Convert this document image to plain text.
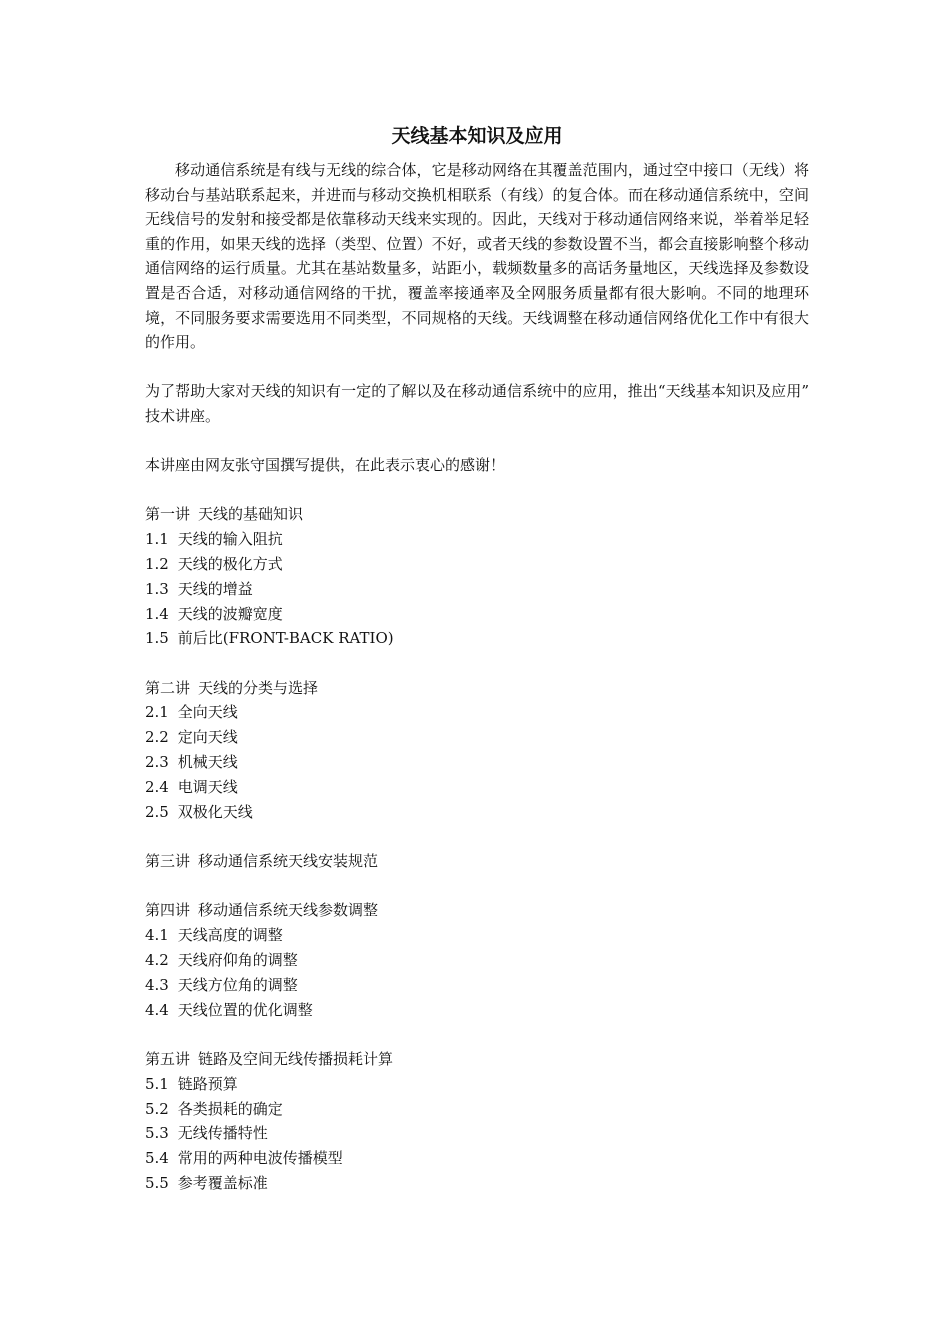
天线基本知识及应用

移动通信系统是有线与无线的综合体，它是移动网络在其覆盖范围内，通过空中接口（无线）将移动台与基站联系起来，并进而与移动交换机相联系（有线）的复合体。而在移动通信系统中，空间无线信号的发射和接受都是依靠移动天线来实现的。因此，天线对于移动通信网络来说，举着举足轻重的作用，如果天线的选择（类型、位置）不好，或者天线的参数设置不当，都会直接影响整个移动通信网络的运行质量。尤其在基站数量多，站距小，载频数量多的高话务量地区，天线选择及参数设置是否合适，对移动通信网络的干扰，覆盖率接通率及全网服务质量都有很大影响。不同的地理环境，不同服务要求需要选用不同类型，不同规格的天线。天线调整在移动通信网络优化工作中有很大的作用。

为了帮助大家对天线的知识有一定的了解以及在移动通信系统中的应用，推出“天线基本知识及应用” 技术讲座。

本讲座由网友张守国撰写提供，在此表示衷心的感谢！

第一讲 天线的基础知识
1.1 天线的输入阻抗
1.2 天线的极化方式
1.3 天线的增益
1.4 天线的波瓣宽度
1.5 前后比(FRONT-BACK RATIO)
第二讲 天线的分类与选择
2.1 全向天线
2.2 定向天线
2.3 机械天线
2.4 电调天线
2.5 双极化天线
第三讲 移动通信系统天线安装规范
第四讲 移动通信系统天线参数调整
4.1 天线高度的调整
4.2 天线府仰角的调整
4.3 天线方位角的调整
4.4 天线位置的优化调整
第五讲 链路及空间无线传播损耗计算
5.1 链路预算
5.2 各类损耗的确定
5.3 无线传播特性
5.4 常用的两种电波传播模型
5.5 参考覆盖标准
